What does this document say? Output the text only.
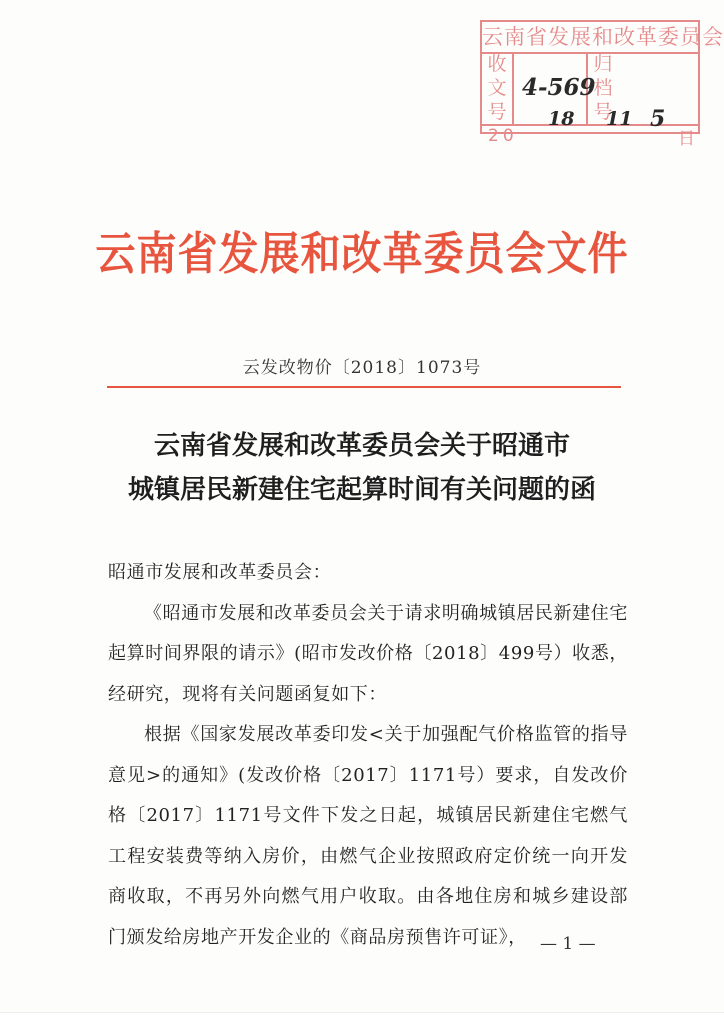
云南省发展和改革委员会
收文号
归档号
20	日
4-569
18 11 5
云南省发展和改革委员会文件
云发改物价〔2018〕1073号
云南省发展和改革委员会关于昭通市
城镇居民新建住宅起算时间有关问题的函

昭通市发展和改革委员会：

《昭通市发展和改革委员会关于请求明确城镇居民新建住宅起算时间界限的请示》(昭市发改价格〔2018〕499号）收悉，经研究，现将有关问题函复如下：

根据《国家发展改革委印发<关于加强配气价格监管的指导意见>的通知》(发改价格〔2017〕1171号）要求，自发改价格〔2017〕1171号文件下发之日起，城镇居民新建住宅燃气工程安装费等纳入房价，由燃气企业按照政府定价统一向开发商收取，不再另外向燃气用户收取。由各地住房和城乡建设部门颁发给房地产开发企业的《商品房预售许可证》， — 1 —
